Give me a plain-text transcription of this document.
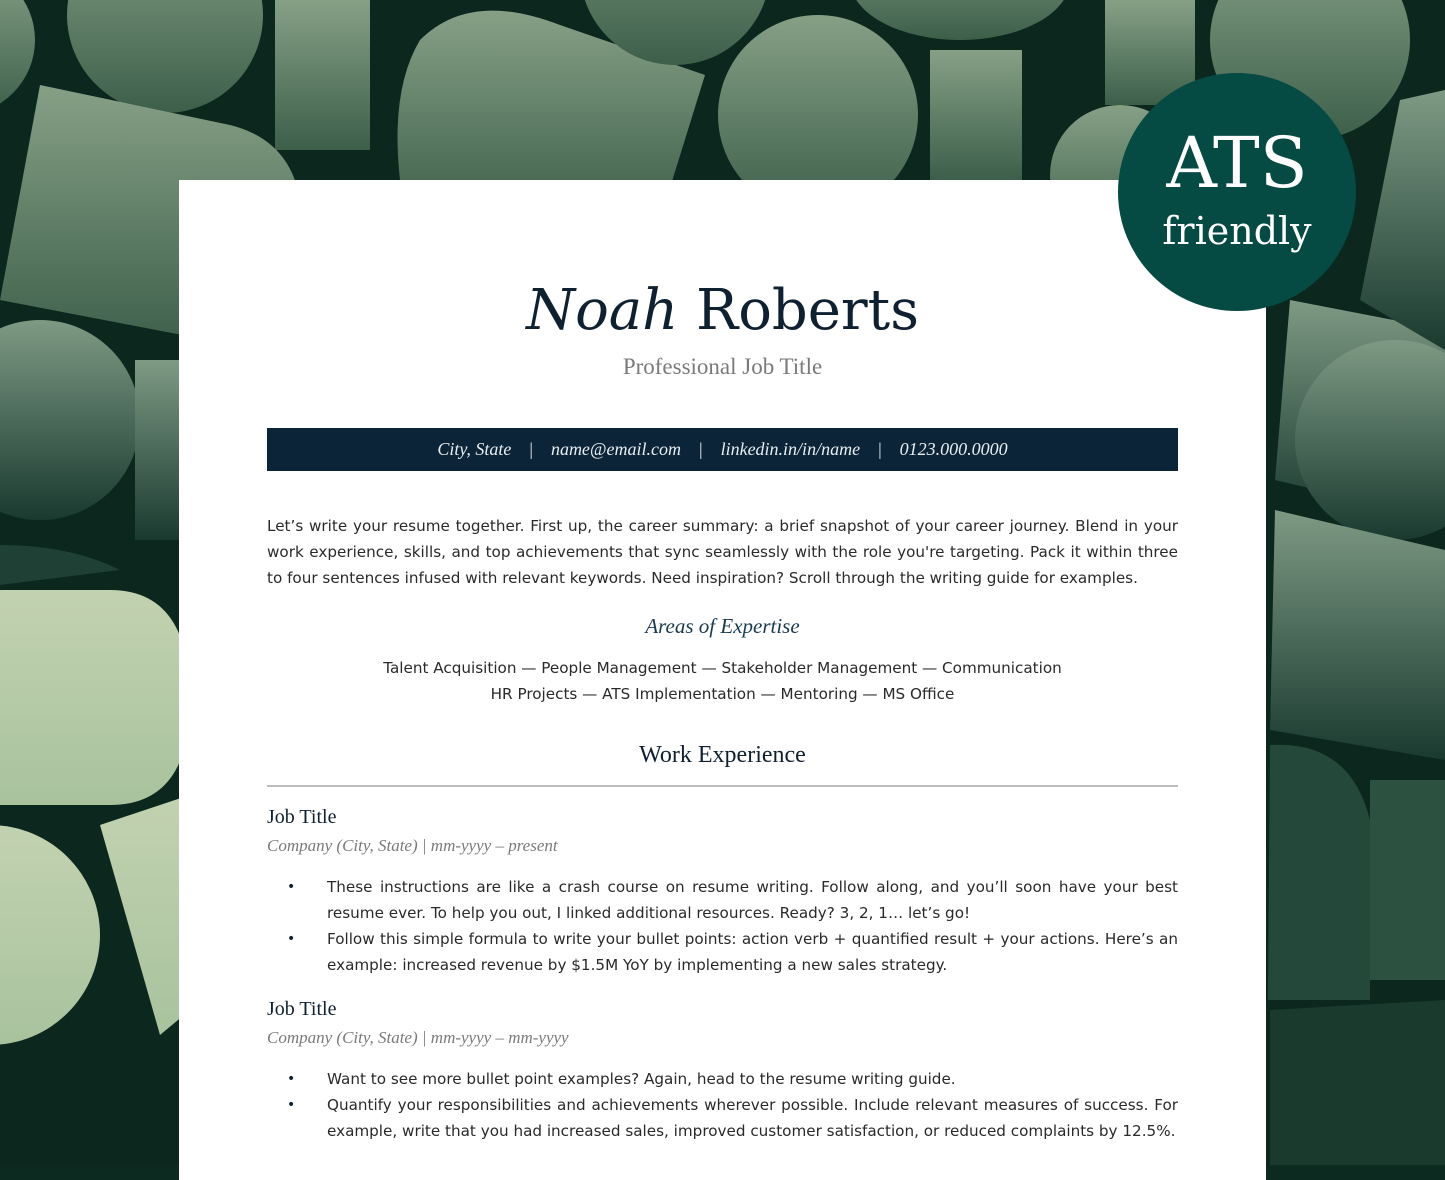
Noah Roberts
Professional Job Title
City, State | name@email.com | linkedin.in/in/name | 0123.000.0000
Let’s write your resume together. First up, the career summary: a brief snapshot of your career journey. Blend in your work experience, skills, and top achievements that sync seamlessly with the role you're targeting. Pack it within three to four sentences infused with relevant keywords. Need inspiration? Scroll through the writing guide for examples.
Areas of Expertise
Talent Acquisition — People Management — Stakeholder Management — Communication
HR Projects — ATS Implementation — Mentoring — MS Office
Work Experience
Job Title
Company (City, State) | mm-yyyy – present
• These instructions are like a crash course on resume writing. Follow along, and you’ll soon have your best resume ever. To help you out, I linked additional resources. Ready? 3, 2, 1… let’s go!
• Follow this simple formula to write your bullet points: action verb + quantified result + your actions. Here’s an example: increased revenue by $1.5M YoY by implementing a new sales strategy.
Job Title
Company (City, State) | mm-yyyy – mm-yyyy
• Want to see more bullet point examples? Again, head to the resume writing guide.
• Quantify your responsibilities and achievements wherever possible. Include relevant measures of success. For example, write that you had increased sales, improved customer satisfaction, or reduced complaints by 12.5%.
ATS
friendly
